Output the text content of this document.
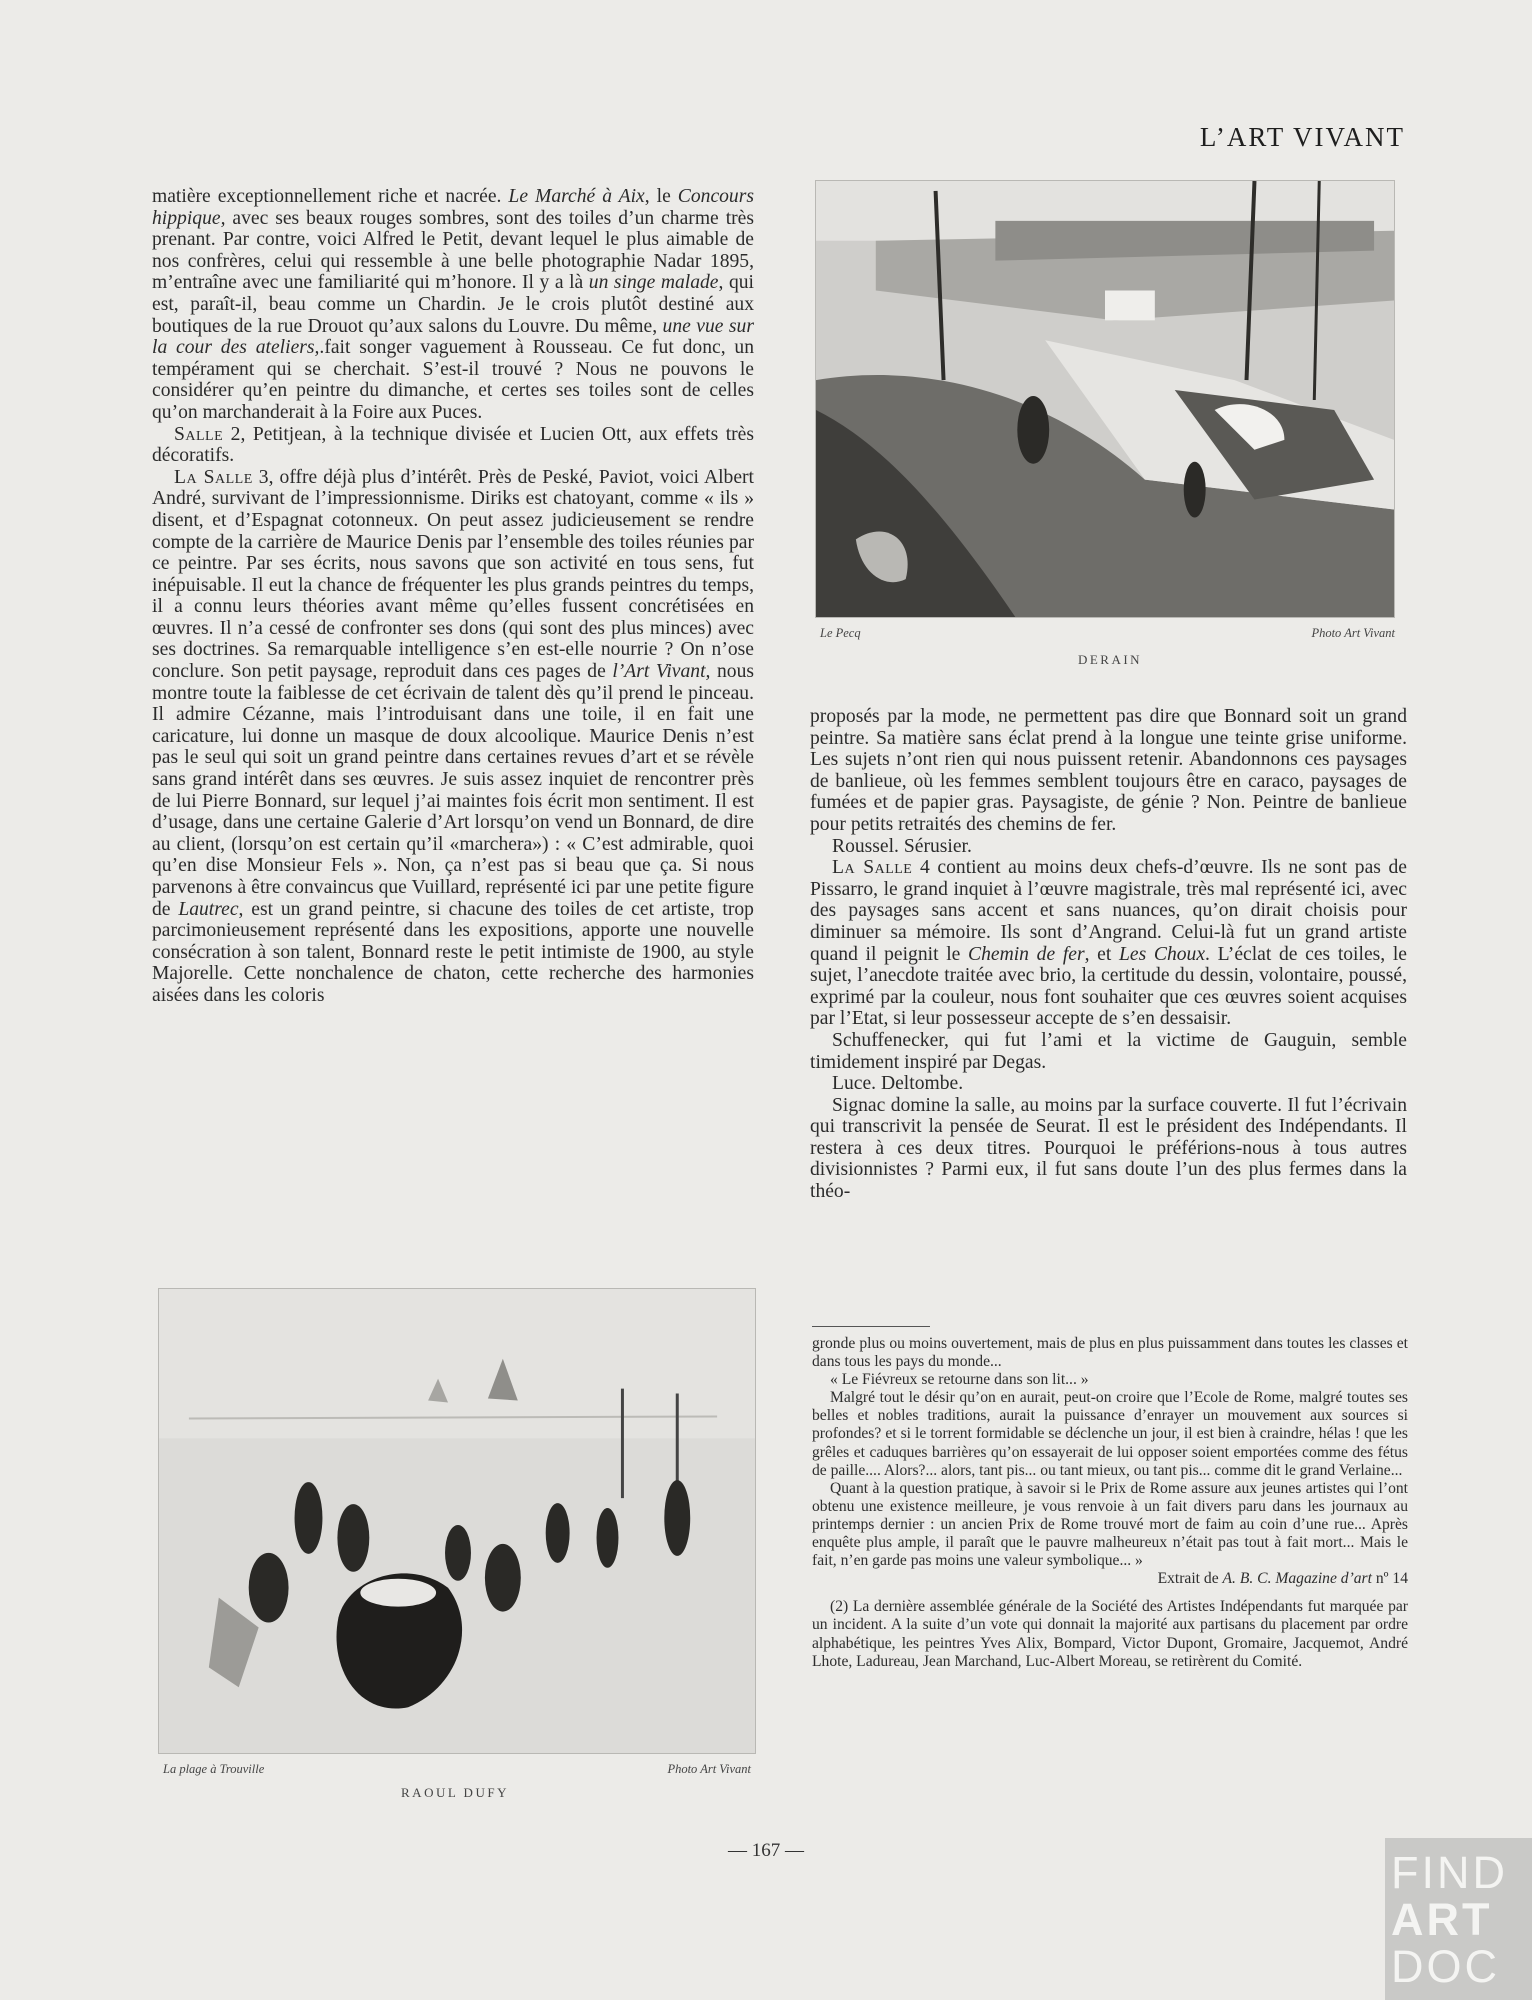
L’ART VIVANT

matière exceptionnellement riche et nacrée. Le Marché à Aix, le Concours hippique, avec ses beaux rouges sombres, sont des toiles d’un charme très prenant. Par contre, voici Alfred le Petit, devant lequel le plus aimable de nos confrères, celui qui ressemble à une belle photographie Nadar 1895, m’entraîne avec une familiarité qui m’honore. Il y a là un singe malade, qui est, paraît-il, beau comme un Chardin. Je le crois plutôt destiné aux boutiques de la rue Drouot qu’aux salons du Louvre. Du même, une vue sur la cour des ateliers,.fait songer vaguement à Rousseau. Ce fut donc, un tempérament qui se cherchait. S’est-il trouvé ? Nous ne pouvons le considérer qu’en peintre du dimanche, et certes ses toiles sont de celles qu’on marchanderait à la Foire aux Puces.

Salle 2, Petitjean, à la technique divisée et Lucien Ott, aux effets très décoratifs.

La Salle 3, offre déjà plus d’intérêt. Près de Peské, Paviot, voici Albert André, survivant de l’impressionnisme. Diriks est chatoyant, comme « ils » disent, et d’Espagnat cotonneux. On peut assez judicieusement se rendre compte de la carrière de Maurice Denis par l’ensemble des toiles réunies par ce peintre. Par ses écrits, nous savons que son activité en tous sens, fut inépuisable. Il eut la chance de fréquenter les plus grands peintres du temps, il a connu leurs théories avant même qu’elles fussent concrétisées en œuvres. Il n’a cessé de confronter ses dons (qui sont des plus minces) avec ses doctrines. Sa remarquable intelligence s’en est-elle nourrie ? On n’ose conclure. Son petit paysage, reproduit dans ces pages de l’Art Vivant, nous montre toute la faiblesse de cet écrivain de talent dès qu’il prend le pinceau. Il admire Cézanne, mais l’introduisant dans une toile, il en fait une caricature, lui donne un masque de doux alcoolique. Maurice Denis n’est pas le seul qui soit un grand peintre dans certaines revues d’art et se révèle sans grand intérêt dans ses œuvres. Je suis assez inquiet de rencontrer près de lui Pierre Bonnard, sur lequel j’ai maintes fois écrit mon sentiment. Il est d’usage, dans une certaine Galerie d’Art lorsqu’on vend un Bonnard, de dire au client, (lorsqu’on est certain qu’il «marchera») : « C’est admirable, quoi qu’en dise Monsieur Fels ». Non, ça n’est pas si beau que ça. Si nous parvenons à être convaincus que Vuillard, représenté ici par une petite figure de Lautrec, est un grand peintre, si chacune des toiles de cet artiste, trop parcimonieusement représenté dans les expositions, apporte une nouvelle consécration à son talent, Bonnard reste le petit intimiste de 1900, au style Majorelle. Cette nonchalence de chaton, cette recherche des harmonies aisées dans les coloris

Le Pecq	Photo Art Vivant
DERAIN

proposés par la mode, ne permettent pas dire que Bonnard soit un grand peintre. Sa matière sans éclat prend à la longue une teinte grise uniforme. Les sujets n’ont rien qui nous puissent retenir. Abandonnons ces paysages de banlieue, où les femmes semblent toujours être en caraco, paysages de fumées et de papier gras. Paysagiste, de génie ? Non. Peintre de banlieue pour petits retraités des chemins de fer.

Roussel. Sérusier.

La Salle 4 contient au moins deux chefs-d’œuvre. Ils ne sont pas de Pissarro, le grand inquiet à l’œuvre magistrale, très mal représenté ici, avec des paysages sans accent et sans nuances, qu’on dirait choisis pour diminuer sa mémoire. Ils sont d’Angrand. Celui-là fut un grand artiste quand il peignit le Chemin de fer, et Les Choux. L’éclat de ces toiles, le sujet, l’anecdote traitée avec brio, la certitude du dessin, volontaire, poussé, exprimé par la couleur, nous font souhaiter que ces œuvres soient acquises par l’Etat, si leur possesseur accepte de s’en dessaisir.

Schuffenecker, qui fut l’ami et la victime de Gauguin, semble timidement inspiré par Degas.

Luce. Deltombe.

Signac domine la salle, au moins par la surface couverte. Il fut l’écrivain qui transcrivit la pensée de Seurat. Il est le président des Indépendants. Il restera à ces deux titres. Pourquoi le préférions-nous à tous autres divisionnistes ? Parmi eux, il fut sans doute l’un des plus fermes dans la théo-

gronde plus ou moins ouvertement, mais de plus en plus puissamment dans toutes les classes et dans tous les pays du monde...

« Le Fiévreux se retourne dans son lit... »

Malgré tout le désir qu’on en aurait, peut-on croire que l’Ecole de Rome, malgré toutes ses belles et nobles traditions, aurait la puissance d’enrayer un mouvement aux sources si profondes? et si le torrent formidable se déclenche un jour, il est bien à craindre, hélas ! que les grêles et caduques barrières qu’on essayerait de lui opposer soient emportées comme des fétus de paille.... Alors?... alors, tant pis... ou tant mieux, ou tant pis... comme dit le grand Verlaine...

Quant à la question pratique, à savoir si le Prix de Rome assure aux jeunes artistes qui l’ont obtenu une existence meilleure, je vous renvoie à un fait divers paru dans les journaux au printemps dernier : un ancien Prix de Rome trouvé mort de faim au coin d’une rue... Après enquête plus ample, il paraît que le pauvre malheureux n’était pas tout à fait mort... Mais le fait, n’en garde pas moins une valeur symbolique... »

Extrait de A. B. C. Magazine d’art nº 14

(2) La dernière assemblée générale de la Société des Artistes Indépendants fut marquée par un incident. A la suite d’un vote qui donnait la majorité aux partisans du placement par ordre alphabétique, les peintres Yves Alix, Bompard, Victor Dupont, Gromaire, Jacquemot, André Lhote, Ladureau, Jean Marchand, Luc-Albert Moreau, se retirèrent du Comité.

La plage à Trouville	Photo Art Vivant
RAOUL DUFY
— 167 —	FIND
ART
DOC
